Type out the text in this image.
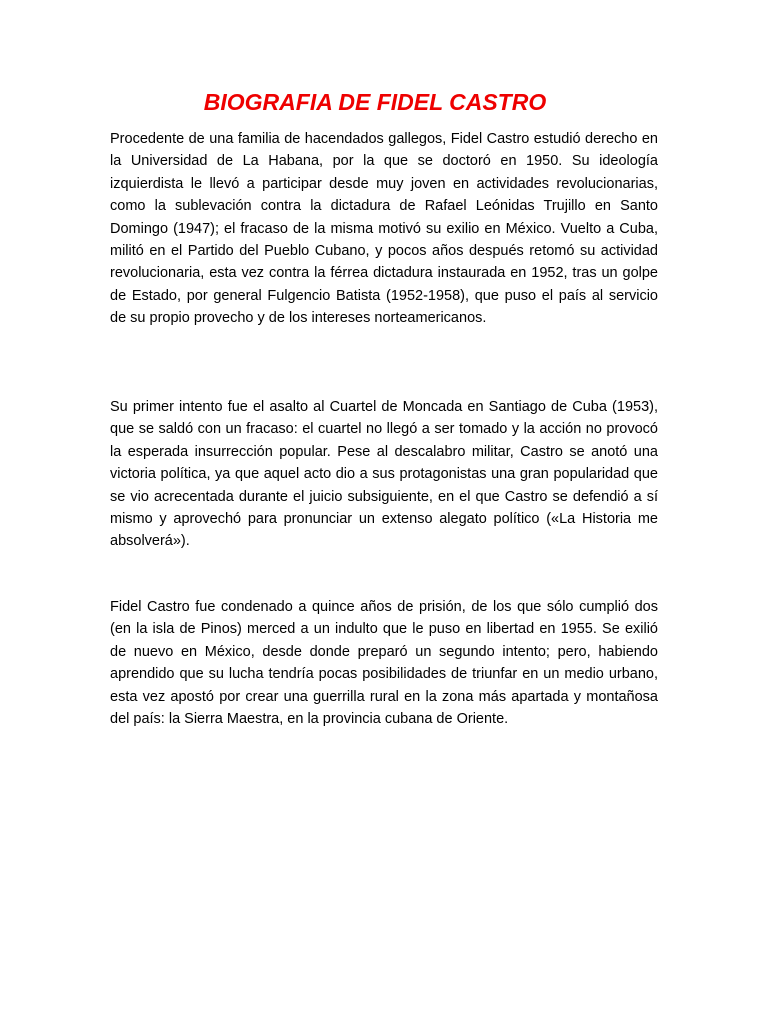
BIOGRAFIA DE FIDEL CASTRO

Procedente de una familia de hacendados gallegos, Fidel Castro estudió derecho en la Universidad de La Habana, por la que se doctoró en 1950. Su ideología izquierdista le llevó a participar desde muy joven en actividades revolucionarias, como la sublevación contra la dictadura de Rafael Leónidas Trujillo en Santo Domingo (1947); el fracaso de la misma motivó su exilio en México. Vuelto a Cuba, militó en el Partido del Pueblo Cubano, y pocos años después retomó su actividad revolucionaria, esta vez contra la férrea dictadura instaurada en 1952, tras un golpe de Estado, por general Fulgencio Batista (1952-1958), que puso el país al servicio de su propio provecho y de los intereses norteamericanos.

Su primer intento fue el asalto al Cuartel de Moncada en Santiago de Cuba (1953), que se saldó con un fracaso: el cuartel no llegó a ser tomado y la acción no provocó la esperada insurrección popular. Pese al descalabro militar, Castro se anotó una victoria política, ya que aquel acto dio a sus protagonistas una gran popularidad que se vio acrecentada durante el juicio subsiguiente, en el que Castro se defendió a sí mismo y aprovechó para pronunciar un extenso alegato político («La Historia me absolverá»).

Fidel Castro fue condenado a quince años de prisión, de los que sólo cumplió dos (en la isla de Pinos) merced a un indulto que le puso en libertad en 1955. Se exilió de nuevo en México, desde donde preparó un segundo intento; pero, habiendo aprendido que su lucha tendría pocas posibilidades de triunfar en un medio urbano, esta vez apostó por crear una guerrilla rural en la zona más apartada y montañosa del país: la Sierra Maestra, en la provincia cubana de Oriente.
